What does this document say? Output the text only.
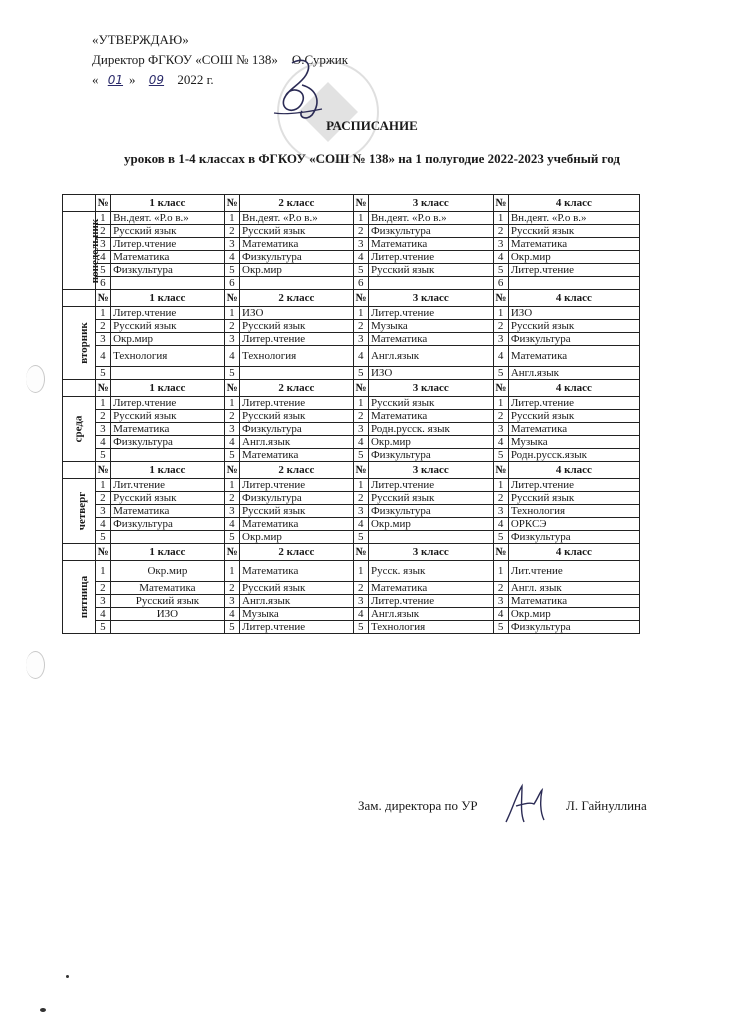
«УТВЕРЖДАЮ»
Директор ФГКОУ «СОШ № 138» О.Суржик
« 01 » 09 2022 г.
РАСПИСАНИЕ
уроков в 1-4 классах в ФГКОУ «СОШ № 138» на 1 полугодие 2022-2023 учебный год
	№	1 класс	№	2 класс	№	3 класс	№	4 класс
понедельник	1	Вн.деят. «Р.о в.»	1	Вн.деят. «Р.о в.»	1	Вн.деят. «Р.о в.»	1	Вн.деят. «Р.о в.»
	2	Русский язык	2	Русский язык	2	Физкультура	2	Русский язык
	3	Литер.чтение	3	Математика	3	Математика	3	Математика
	4	Математика	4	Физкультура	4	Литер.чтение	4	Окр.мир
	5	Физкультура	5	Окр.мир	5	Русский язык	5	Литер.чтение
	6		6		6		6	
	№	1 класс	№	2 класс	№	3 класс	№	4 класс
вторник	1	Литер.чтение	1	ИЗО	1	Литер.чтение	1	ИЗО
	2	Русский язык	2	Русский язык	2	Музыка	2	Русский язык
	3	Окр.мир	3	Литер.чтение	3	Математика	3	Физкультура
	4	Технология	4	Технология	4	Англ.язык	4	Математика
	5		5		5	ИЗО	5	Англ.язык
	№	1 класс	№	2 класс	№	3 класс	№	4 класс
среда	1	Литер.чтение	1	Литер.чтение	1	Русский язык	1	Литер.чтение
	2	Русский язык	2	Русский язык	2	Математика	2	Русский язык
	3	Математика	3	Физкультура	3	Родн.русск. язык	3	Математика
	4	Физкультура	4	Англ.язык	4	Окр.мир	4	Музыка
	5		5	Математика	5	Физкультура	5	Родн.русск.язык
	№	1 класс	№	2 класс	№	3 класс	№	4 класс
четверг	1	Лит.чтение	1	Литер.чтение	1	Литер.чтение	1	Литер.чтение
	2	Русский язык	2	Физкультура	2	Русский язык	2	Русский язык
	3	Математика	3	Русский язык	3	Физкультура	3	Технология
	4	Физкультура	4	Математика	4	Окр.мир	4	ОРКСЭ
	5		5	Окр.мир	5		5	Физкультура
	№	1 класс	№	2 класс	№	3 класс	№	4 класс
пятница	1	Окр.мир	1	Математика	1	Русск. язык	1	Лит.чтение
	2	Математика	2	Русский язык	2	Математика	2	Англ. язык
	3	Русский язык	3	Англ.язык	3	Литер.чтение	3	Математика
	4	ИЗО	4	Музыка	4	Англ.язык	4	Окр.мир
	5		5	Литер.чтение	5	Технология	5	Физкультура
Зам. директора по УР	Л. Гайнуллина
